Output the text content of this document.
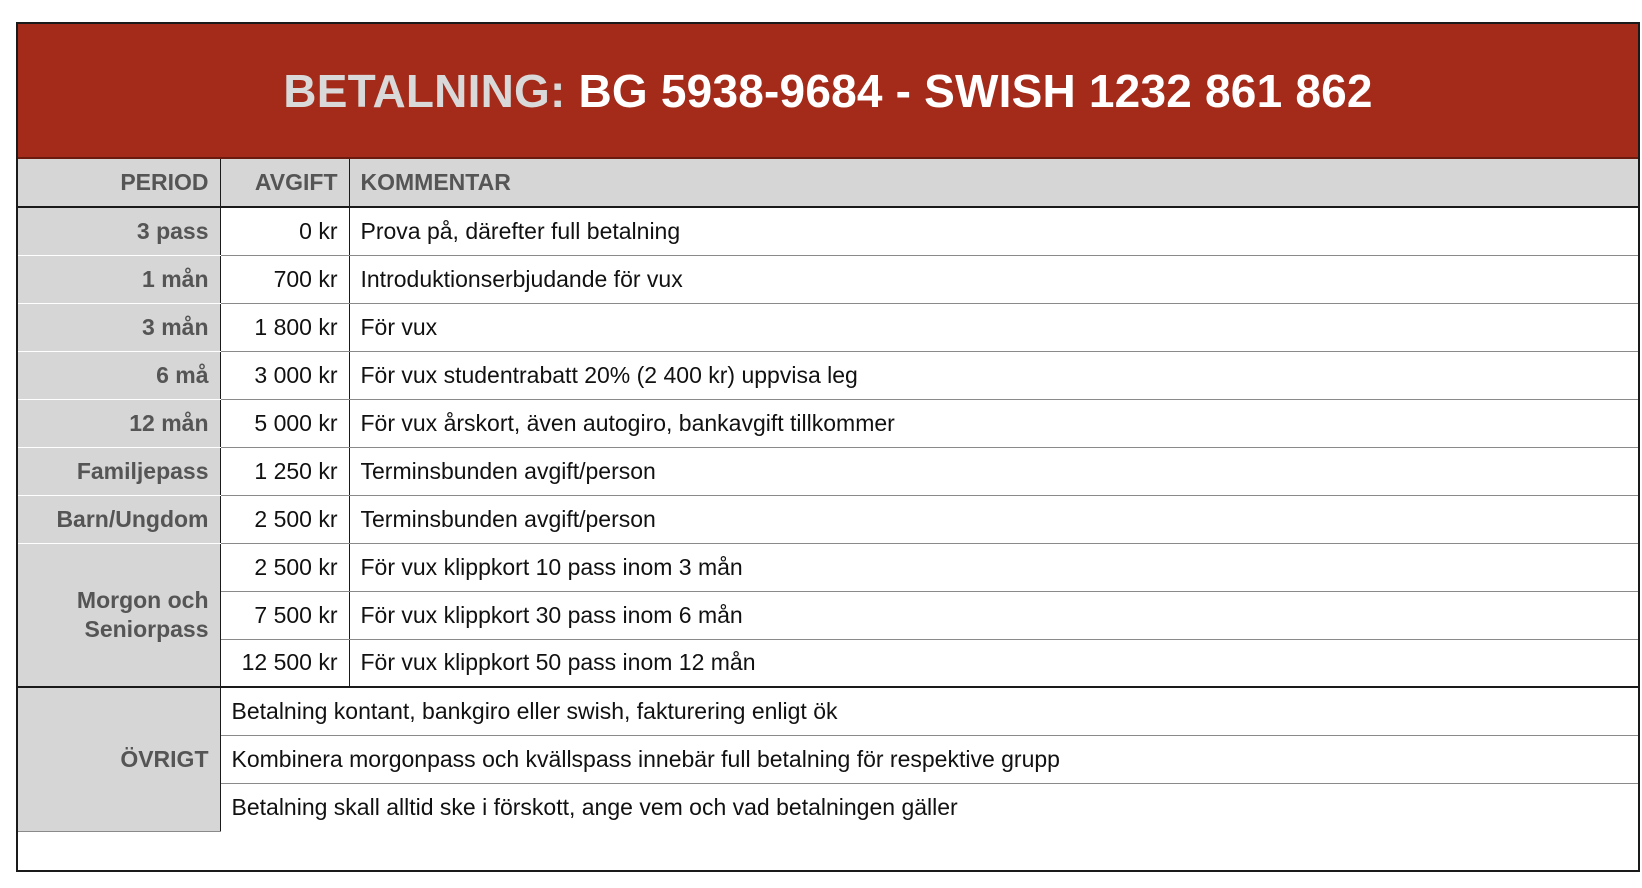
BETALNING:
BG 5938-9684 - SWISH 1232 861 862
PERIOD	AVGIFT	KOMMENTAR
3 pass	0 kr	Prova på, därefter full betalning
1 mån	700 kr	Introduktionserbjudande för vux
3 mån	1 800 kr	För vux
6 må	3 000 kr	För vux studentrabatt 20% (2 400 kr) uppvisa leg
12 mån	5 000 kr	För vux årskort, även autogiro, bankavgift tillkommer
Familjepass	1 250 kr	Terminsbunden avgift/person
Barn/Ungdom	2 500 kr	Terminsbunden avgift/person
Morgon och Seniorpass	2 500 kr	För vux klippkort 10 pass inom 3 mån
	7 500 kr	För vux klippkort 30 pass inom 6 mån
	12 500 kr	För vux klippkort 50 pass inom 12 mån
ÖVRIGT	Betalning kontant, bankgiro eller swish, fakturering enligt ök	
	Kombinera morgonpass och kvällspass innebär full betalning för respektive grupp	
	Betalning skall alltid ske i förskott, ange vem och vad betalningen gäller	
